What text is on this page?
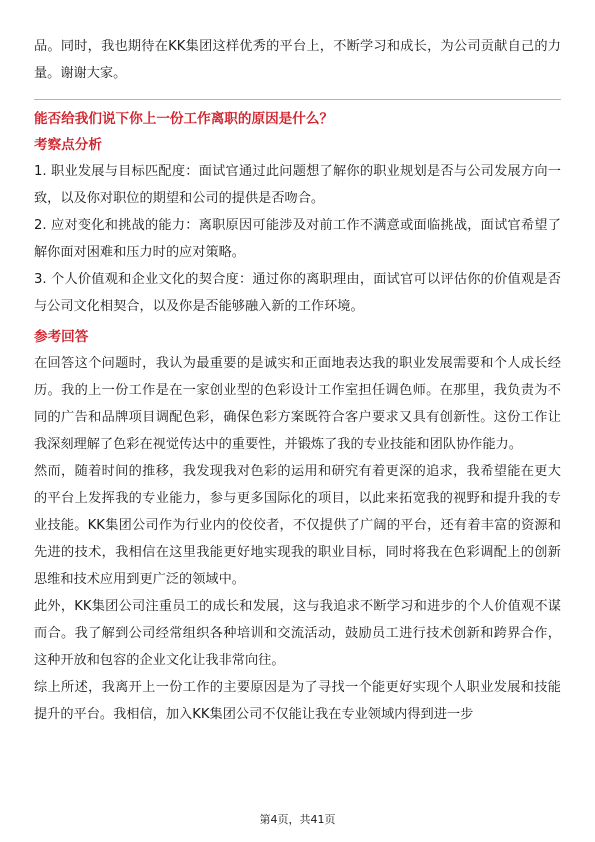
品。同时，我也期待在KK集团这样优秀的平台上，不断学习和成长，为公司贡献自己的力量。谢谢大家。

能否给我们说下你上一份工作离职的原因是什么？

考察点分析

1. 职业发展与目标匹配度：面试官通过此问题想了解你的职业规划是否与公司发展方向一致，以及你对职位的期望和公司的提供是否吻合。

2. 应对变化和挑战的能力：离职原因可能涉及对前工作不满意或面临挑战，面试官希望了解你面对困难和压力时的应对策略。

3. 个人价值观和企业文化的契合度：通过你的离职理由，面试官可以评估你的价值观是否与公司文化相契合，以及你是否能够融入新的工作环境。

参考回答

在回答这个问题时，我认为最重要的是诚实和正面地表达我的职业发展需要和个人成长经历。我的上一份工作是在一家创业型的色彩设计工作室担任调色师。在那里，我负责为不同的广告和品牌项目调配色彩，确保色彩方案既符合客户要求又具有创新性。这份工作让我深刻理解了色彩在视觉传达中的重要性，并锻炼了我的专业技能和团队协作能力。

然而，随着时间的推移，我发现我对色彩的运用和研究有着更深的追求，我希望能在更大的平台上发挥我的专业能力，参与更多国际化的项目，以此来拓宽我的视野和提升我的专业技能。KK集团公司作为行业内的佼佼者，不仅提供了广阔的平台，还有着丰富的资源和先进的技术，我相信在这里我能更好地实现我的职业目标，同时将我在色彩调配上的创新思维和技术应用到更广泛的领域中。

此外，KK集团公司注重员工的成长和发展，这与我追求不断学习和进步的个人价值观不谋而合。我了解到公司经常组织各种培训和交流活动，鼓励员工进行技术创新和跨界合作，这种开放和包容的企业文化让我非常向往。

综上所述，我离开上一份工作的主要原因是为了寻找一个能更好实现个人职业发展和技能提升的平台。我相信，加入KK集团公司不仅能让我在专业领域内得到进一步

第4页，共41页
